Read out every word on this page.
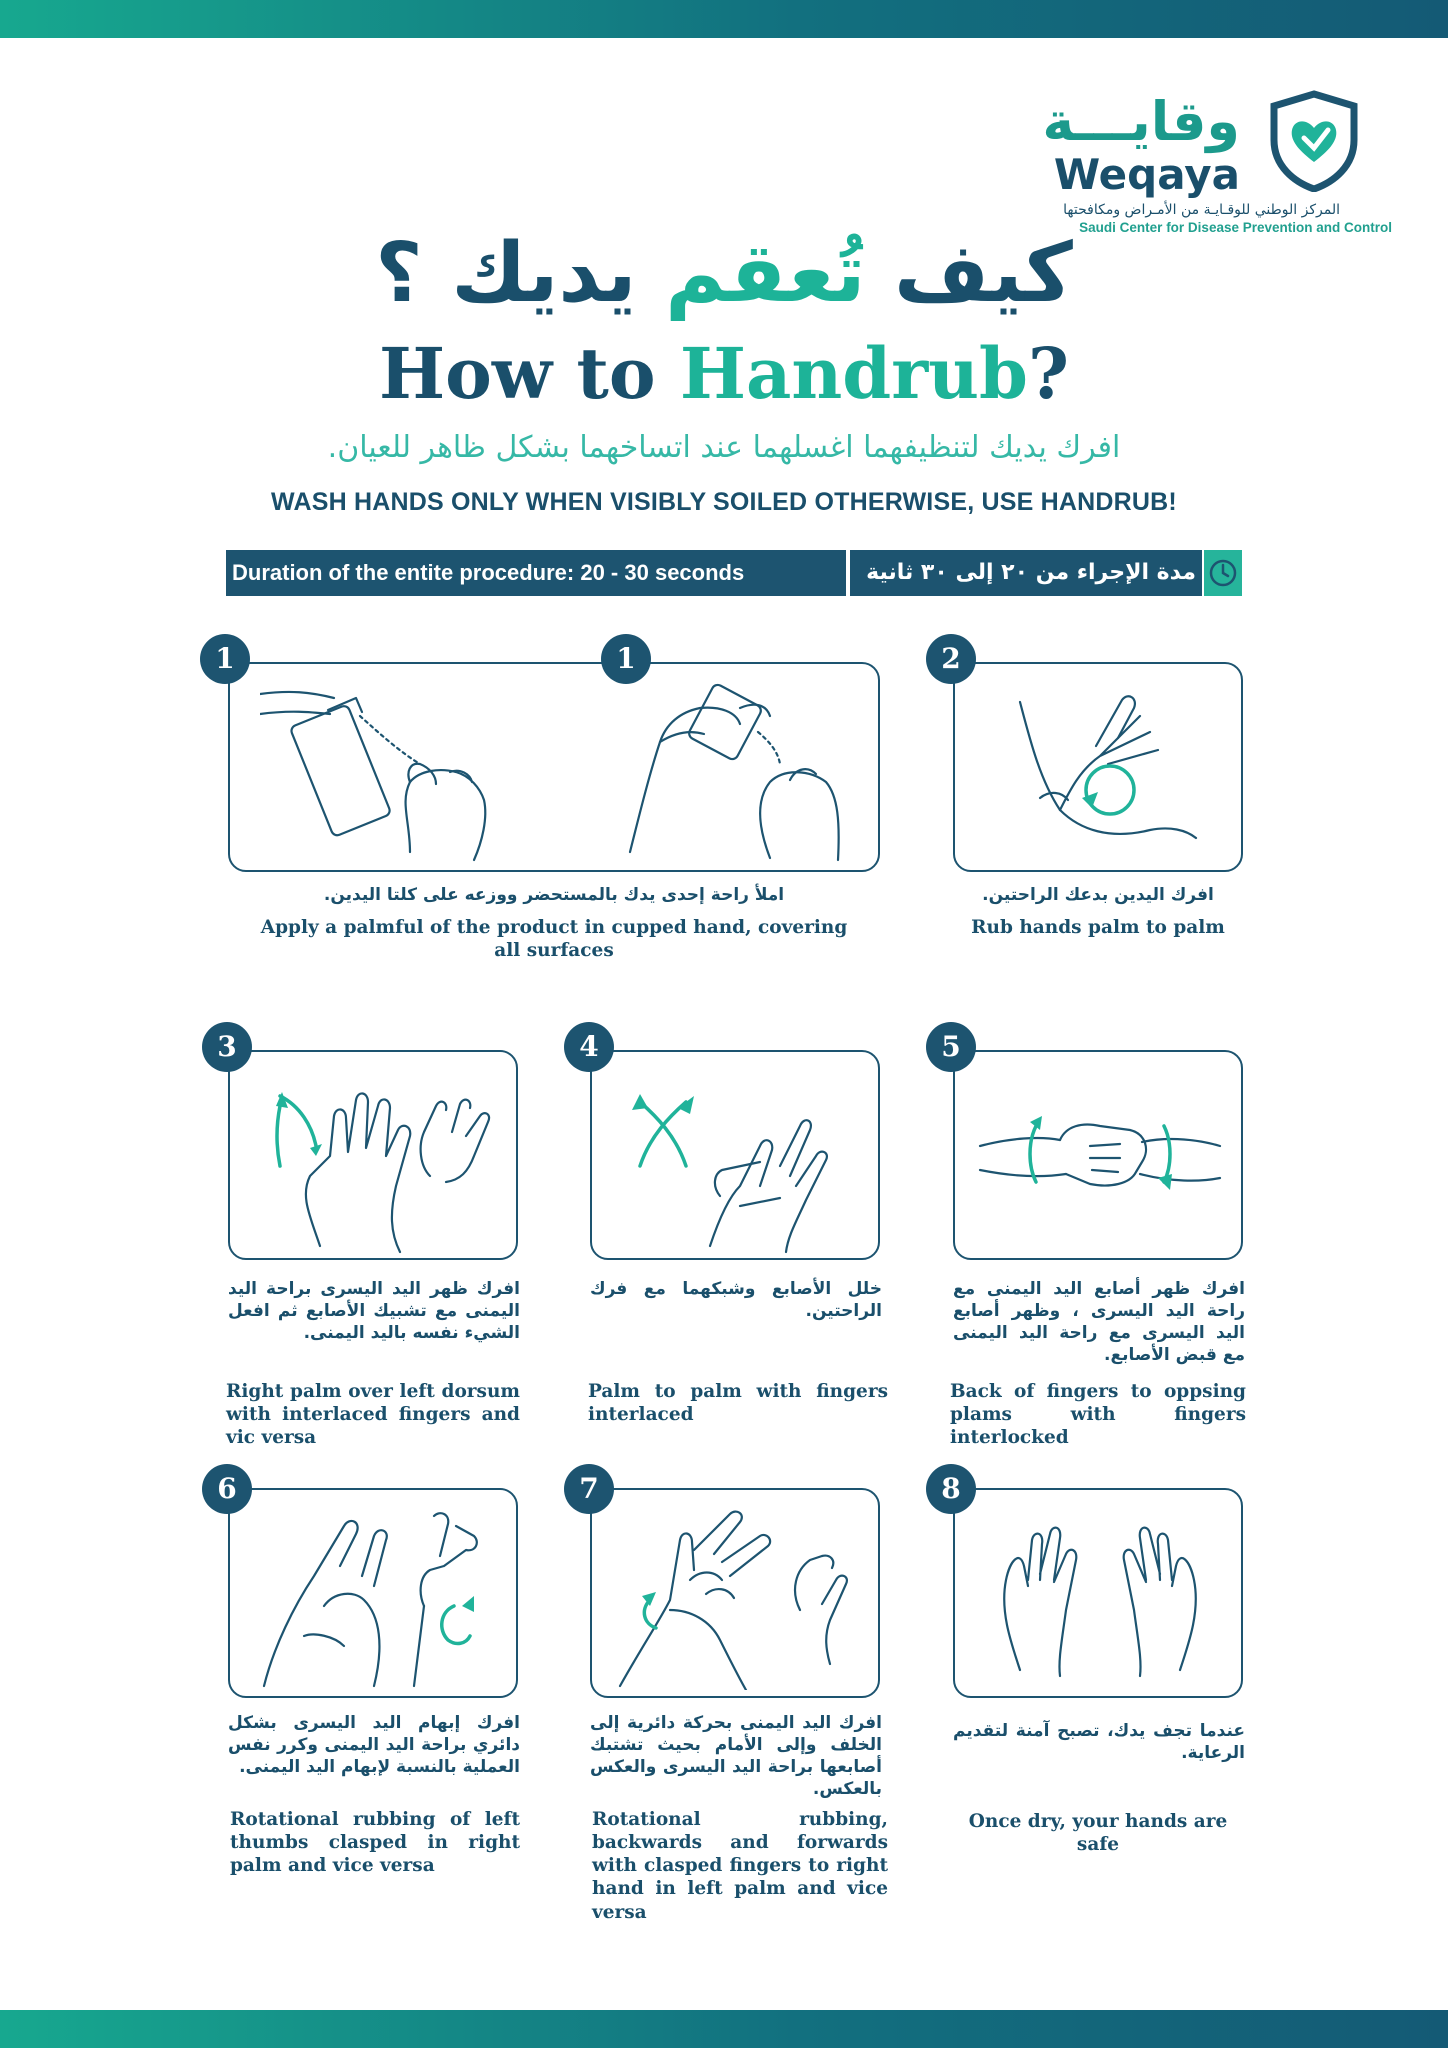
وقايـــة
Weqaya
المركز الوطني للوقـايـة من الأمـراض ومكافحتها
Saudi Center for Disease Prevention and Control
كيف تُعقم يديك ؟
How to Handrub?
افرك يديك لتنظيفهما اغسلهما عند اتساخهما بشكل ظاهر للعيان.
WASH HANDS ONLY WHEN VISIBLY SOILED OTHERWISE, USE HANDRUB!
Duration of the entite procedure: 20 - 30 seconds	مدة الإجراء من ٢٠ إلى ٣٠ ثانية
1	1
املأ راحة إحدى يدك بالمستحضر ووزعه على كلتا اليدين.
Apply a palmful of the product in cupped hand, covering all surfaces
2
افرك اليدين بدعك الراحتين.
Rub hands palm to palm
3
افرك ظهر اليد اليسرى براحة اليد اليمنى مع تشبيك الأصابع ثم افعل الشيء نفسه باليد اليمنى.
Right palm over left dorsum with interlaced fingers and vic versa
4
خلل الأصابع وشبكهما مع فرك الراحتين.
Palm to palm with fingers interlaced
5
افرك ظهر أصابع اليد اليمنى مع راحة اليد اليسرى ، وظهر أصابع اليد اليسرى مع راحة اليد اليمنى مع قبض الأصابع.
Back of fingers to oppsing plams with fingers interlocked
6
افرك إبهام اليد اليسرى بشكل دائري براحة اليد اليمنى وكرر نفس العملية بالنسبة لإبهام اليد اليمنى.
Rotational rubbing of left thumbs clasped in right palm and vice versa
7
افرك اليد اليمنى بحركة دائرية إلى الخلف وإلى الأمام بحيث تشتبك أصابعها براحة اليد اليسرى والعكس بالعكس.
Rotational rubbing, backwards and forwards with clasped fingers to right hand in left palm and vice versa
8
عندما تجف يدك، تصبح آمنة لتقديم الرعاية.
Once dry, your hands are safe
